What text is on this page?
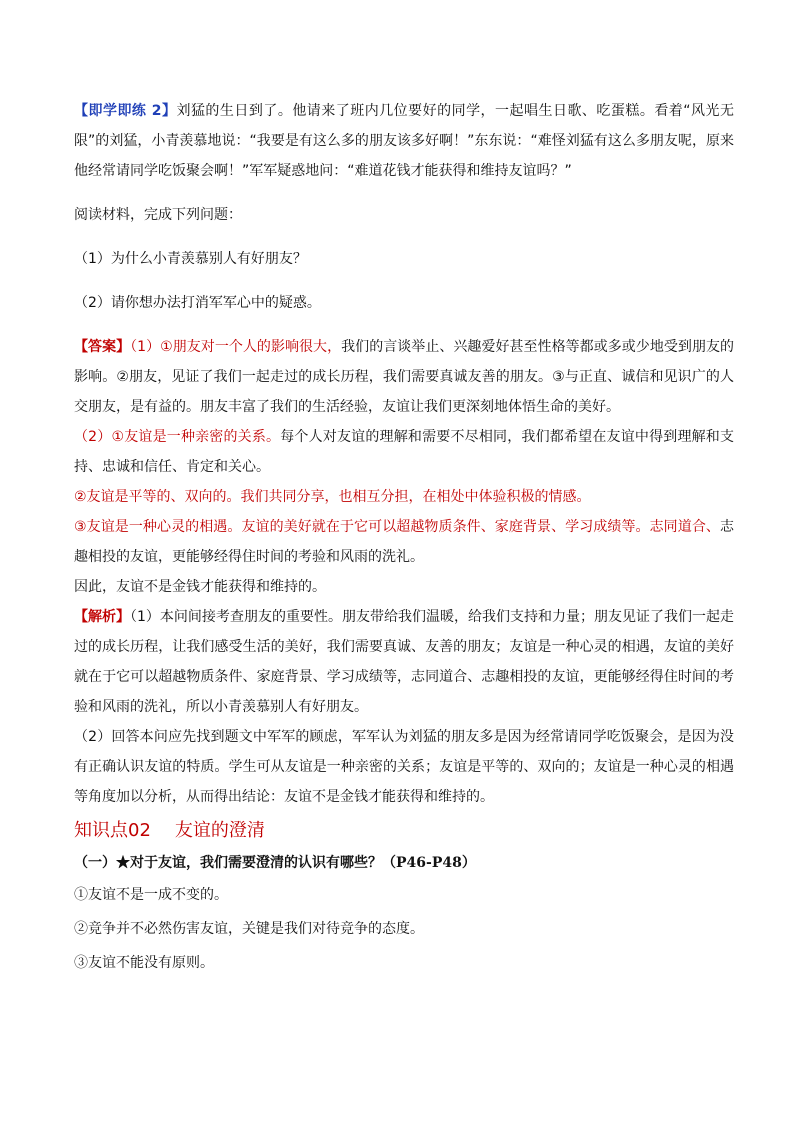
【即学即练 2】刘猛的生日到了。他请来了班内几位要好的同学，一起唱生日歌、吃蛋糕。看着“风光无限”的刘猛，小青羡慕地说：“我要是有这么多的朋友该多好啊！”东东说：“难怪刘猛有这么多朋友呢，原来他经常请同学吃饭聚会啊！”军军疑惑地问：“难道花钱才能获得和维持友谊吗？”

阅读材料，完成下列问题：

（1）为什么小青羡慕别人有好朋友？

（2）请你想办法打消军军心中的疑惑。

【答案】（1）①朋友对一个人的影响很大，我们的言谈举止、兴趣爱好甚至性格等都或多或少地受到朋友的影响。②朋友，见证了我们一起走过的成长历程，我们需要真诚友善的朋友。③与正直、诚信和见识广的人交朋友，是有益的。朋友丰富了我们的生活经验，友谊让我们更深刻地体悟生命的美好。

（2）①友谊是一种亲密的关系。每个人对友谊的理解和需要不尽相同，我们都希望在友谊中得到理解和支持、忠诚和信任、肯定和关心。

②友谊是平等的、双向的。我们共同分享，也相互分担，在相处中体验积极的情感。

③友谊是一种心灵的相遇。友谊的美好就在于它可以超越物质条件、家庭背景、学习成绩等。志同道合、志趣相投的友谊，更能够经得住时间的考验和风雨的洗礼。

因此，友谊不是金钱才能获得和维持的。

【解析】（1）本问间接考查朋友的重要性。朋友带给我们温暖，给我们支持和力量；朋友见证了我们一起走过的成长历程，让我们感受生活的美好，我们需要真诚、友善的朋友；友谊是一种心灵的相遇，友谊的美好就在于它可以超越物质条件、家庭背景、学习成绩等，志同道合、志趣相投的友谊，更能够经得住时间的考验和风雨的洗礼，所以小青羡慕别人有好朋友。

（2）回答本问应先找到题文中军军的顾虑，军军认为刘猛的朋友多是因为经常请同学吃饭聚会，是因为没有正确认识友谊的特质。学生可从友谊是一种亲密的关系；友谊是平等的、双向的；友谊是一种心灵的相遇等角度加以分析，从而得出结论：友谊不是金钱才能获得和维持的。

知识点02 友谊的澄清

（一）★对于友谊，我们需要澄清的认识有哪些？（P46-P48）

①友谊不是一成不变的。

②竞争并不必然伤害友谊，关键是我们对待竞争的态度。

③友谊不能没有原则。
